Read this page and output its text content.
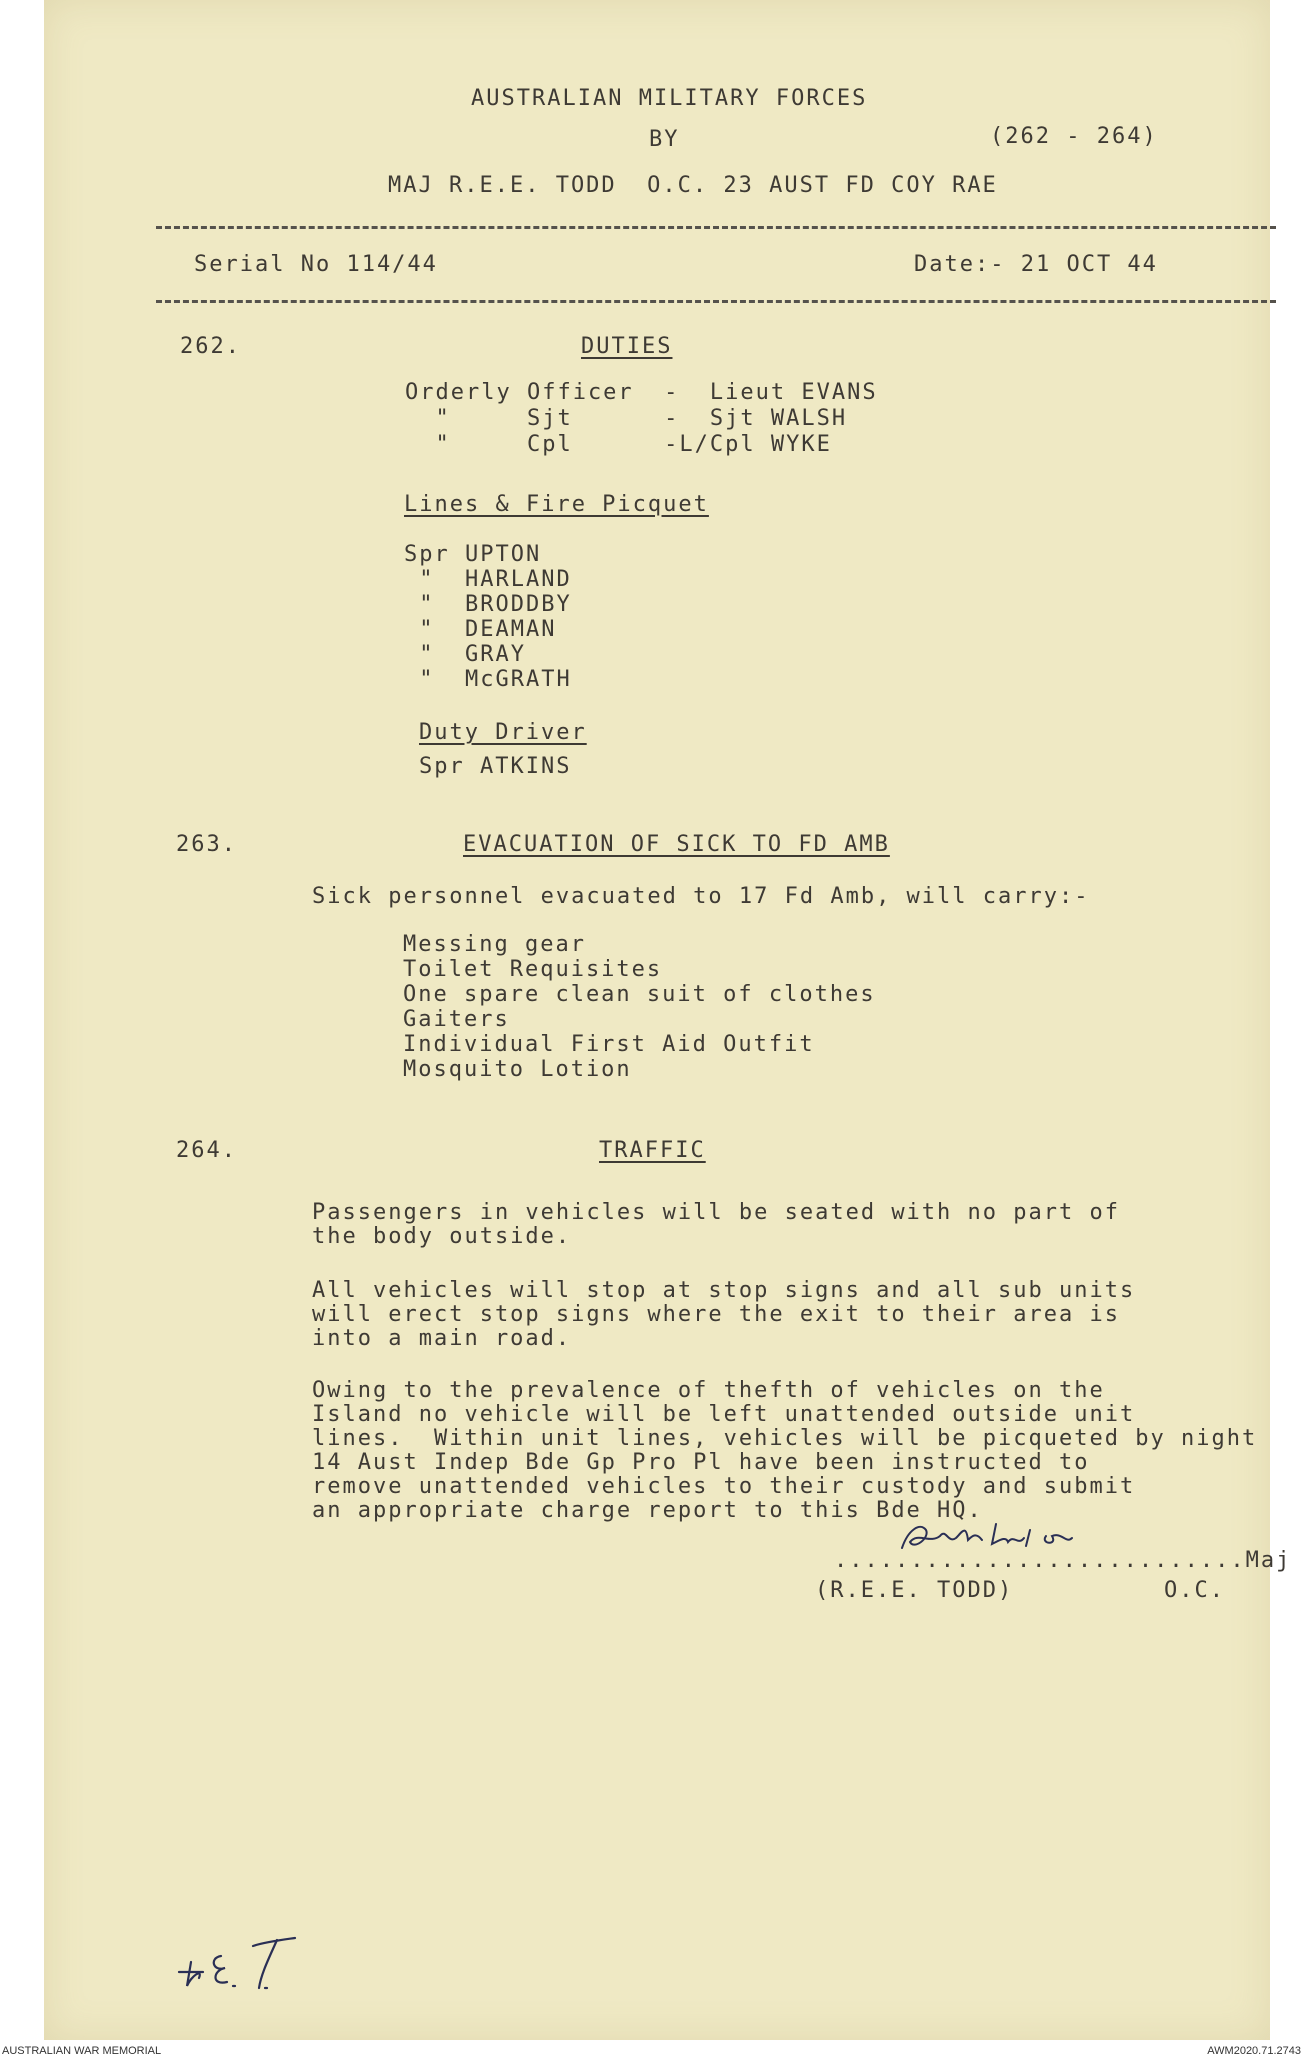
AUSTRALIAN MILITARY FORCES
BY	(262 - 264)
MAJ R.E.E. TODD  O.C. 23 AUST FD COY RAE
Serial No 114/44	Date:- 21 OCT 44
262.	DUTIES
Orderly Officer  -  Lieut EVANS
"     Sjt      -  Sjt WALSH
"     Cpl      -L/Cpl WYKE
Lines & Fire Picquet
Spr UPTON
"  HARLAND
"  BRODDBY
"  DEAMAN
"  GRAY
"  McGRATH
Duty Driver
Spr ATKINS
263.	EVACUATION OF SICK TO FD AMB
Sick personnel evacuated to 17 Fd Amb, will carry:-
Messing gear
Toilet Requisites
One spare clean suit of clothes
Gaiters
Individual First Aid Outfit
Mosquito Lotion
264.	TRAFFIC
Passengers in vehicles will be seated with no part of
the body outside.
All vehicles will stop at stop signs and all sub units
will erect stop signs where the exit to their area is
into a main road.
Owing to the prevalence of thefth of vehicles on the
Island no vehicle will be left unattended outside unit
lines.  Within unit lines, vehicles will be picqueted by night
14 Aust Indep Bde Gp Pro Pl have been instructed to
remove unattended vehicles to their custody and submit
an appropriate charge report to this Bde HQ.
...........................Maj
(R.E.E. TODD)	O.C.
AUSTRALIAN WAR MEMORIAL	AWM2020.71.2743
